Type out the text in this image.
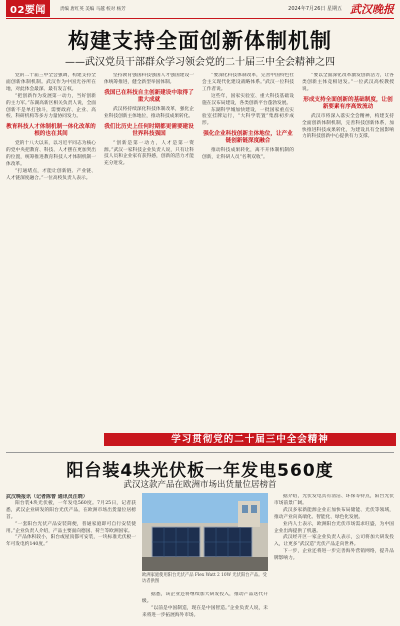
02要闻	责编 唐红英 美编 马越 校对 杨芳	2024年7月26日 星期五 武汉晚报
构建支持全面创新体制机制
——武汉党员干部群众学习领会党的二十届三中全会精神之四

党的二十届三中全会强调，构建支持全面创新体制机制。武汉作为中国光谷所在地，对此体会最深、最有发言权。

“把创新作为发展第一动力，当好创新的主力军。”东湖高新区相关负责人说，全面创新不是单打独斗，需要政府、企业、高校、科研机构等多方力量协同发力。

教育科技人才体制机制一体化改革的根的也在其间

党的十八大以来，以习近平同志为核心的党中央把教育、科技、人才摆在更加突出的位置，统筹推进教育科技人才体制机制一体改革。

“打通堵点，才能让创新链、产业链、人才链深度融合。”一位高校负责人表示。

坚持教育强国科技强国人才强国建设一体统筹推进，健全新型举国体制。

我国已在科技自主创新建设中取得了重大成就

武汉将持续深化科技体制改革，强化企业科技创新主体地位，推动科技成果转化。

我们比历史上任何时期都更需要建设世界科技强国

“创新是第一动力，人才是第一资源。”武汉一家科技企业负责人说，只有让科技人员和企业家有获得感，创新的活力才能充分迸发。

“要深化科技体制改革，完善中国特色社会主义现代化建设战略体系。”武汉一位科技工作者说。

这些年，国家实验室、重大科技基础设施在汉布局建设，各类创新平台蓬勃发展。

东湖科学城加快建设，一批国家重点实验室挂牌运行，“大科学装置”集群初步成形。

强化企业科技创新主体地位，让产业链创新链深度融合

推动科技成果转化，离不开体制机制的创新，让科研人员“名利双收”。

“要以全面深化改革激发创新活力，让各类创新主体竞相迸发。”一位武汉高校教授说。

形成支持全面创新的基础制度，让创新要素有序高效流动

武汉市将深入落实全会精神，构建支持全面创新体制机制，完善科技创新体系，加快推进科技成果转化，为建设具有全国影响力的科技创新中心提供有力支撑。

学习贯彻党的二十届三中全会精神
阳台装4块光伏板一年发电560度
武汉这款产品在欧洲市场出货量位居榜首
武汉晚报讯（记者陈曾 通讯员汪晓）

阳台装4块光伏板，一年发电560度。7月25日，记者获悉，武汉企业研发的阳台光伏产品，在欧洲市场出货量位居榜首。

“一套阳台光伏产品安装简便，普通家庭即可自行安装使用。”企业负责人介绍，产品主要面向德国、荷兰等欧洲国家。

“产品体积较小，阳台或屋顶都可安装，一块标准光伏板一年可发电约140度。”

欧洲家庭使用阳台光伏产品 Flex Watt 2 10W 光伏阳台产品。受访者供图

据悉，该企业还将继续加大研发投入，推动产品迭代升级。

“以前是中国制造，现在是中国智造。”企业负责人说，未来将进一步拓展海外市场。

据介绍，光伏发电具有清洁、环保等特点，阳台光伏市场前景广阔。

武汉多家新能源企业正加快布局储能、光伏等领域，推动产业向高端化、智能化、绿色化发展。

业内人士表示，欧洲阳台光伏市场需求旺盛，为中国企业出海提供了机遇。

武汉经开区一家企业负责人表示，公司将加大研发投入，让更多“武汉造”光伏产品走向世界。

下一步，企业还将进一步完善海外营销网络，提升品牌影响力。
